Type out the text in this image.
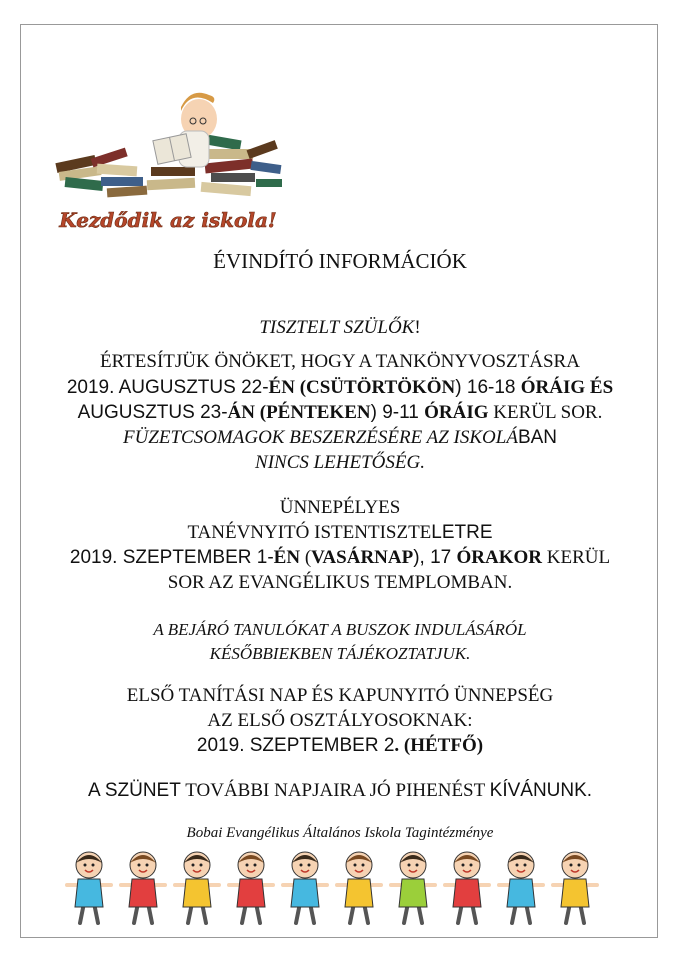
Kezdődik az iskola!
ÉVINDÍTÓ INFORMÁCIÓK
TISZTELT SZÜLŐK!
ÉRTESÍTJÜK ÖNÖKET, HOGY A TANKÖNYVOSZTÁSRA
2019. AUGUSZTUS 22-ÉN (CSÜTÖRTÖKÖN) 16-18 ÓRÁIG ÉS
AUGUSZTUS 23-ÁN (PÉNTEKEN) 9-11 ÓRÁIG KERÜL SOR.
FÜZETCSOMAGOK BESZERZÉSÉRE AZ ISKOLÁBAN
NINCS LEHETŐSÉG.
ÜNNEPÉLYES
TANÉVNYITÓ ISTENTISZTELETRE
2019. SZEPTEMBER 1-ÉN (VASÁRNAP), 17 ÓRAKOR KERÜL
SOR AZ EVANGÉLIKUS TEMPLOMBAN.
A BEJÁRÓ TANULÓKAT A BUSZOK INDULÁSÁRÓL
KÉSŐBBIEKBEN TÁJÉKOZTATJUK.
ELSŐ TANÍTÁSI NAP ÉS KAPUNYITÓ ÜNNEPSÉG
AZ ELSŐ OSZTÁLYOSOKNAK:
2019. SZEPTEMBER 2. (HÉTFŐ)
A SZÜNET TOVÁBBI NAPJAIRA JÓ PIHENÉST KÍVÁNUNK.
Bobai Evangélikus Általános Iskola Tagintézménye
